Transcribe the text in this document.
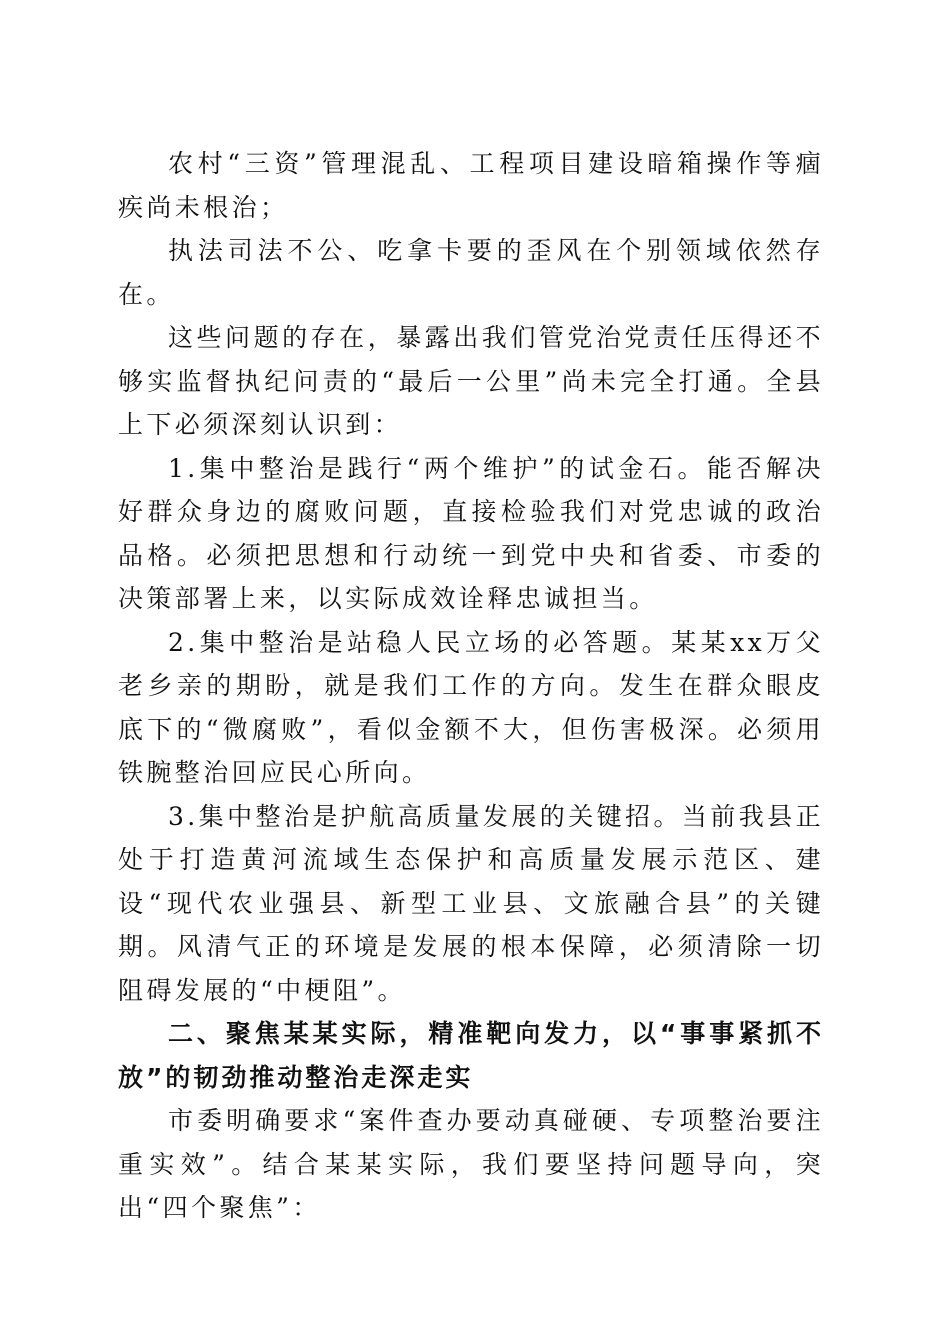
农村“三资”管理混乱、工程项目建设暗箱操作等痼疾尚未根治；

执法司法不公、吃拿卡要的歪风在个别领域依然存在。

这些问题的存在，暴露出我们管党治党责任压得还不够实监督执纪问责的“最后一公里”尚未完全打通。全县上下必须深刻认识到：

1.集中整治是践行“两个维护”的试金石。能否解决好群众身边的腐败问题，直接检验我们对党忠诚的政治品格。必须把思想和行动统一到党中央和省委、市委的决策部署上来，以实际成效诠释忠诚担当。

2.集中整治是站稳人民立场的必答题。某某xx万父老乡亲的期盼，就是我们工作的方向。发生在群众眼皮底下的“微腐败”，看似金额不大，但伤害极深。必须用铁腕整治回应民心所向。

3.集中整治是护航高质量发展的关键招。当前我县正处于打造黄河流域生态保护和高质量发展示范区、建设“现代农业强县、新型工业县、文旅融合县”的关键期。风清气正的环境是发展的根本保障，必须清除一切阻碍发展的“中梗阻”。

二、聚焦某某实际，精准靶向发力，以“事事紧抓不放”的韧劲推动整治走深走实

市委明确要求“案件查办要动真碰硬、专项整治要注重实效”。结合某某实际，我们要坚持问题导向，突出“四个聚焦”：
